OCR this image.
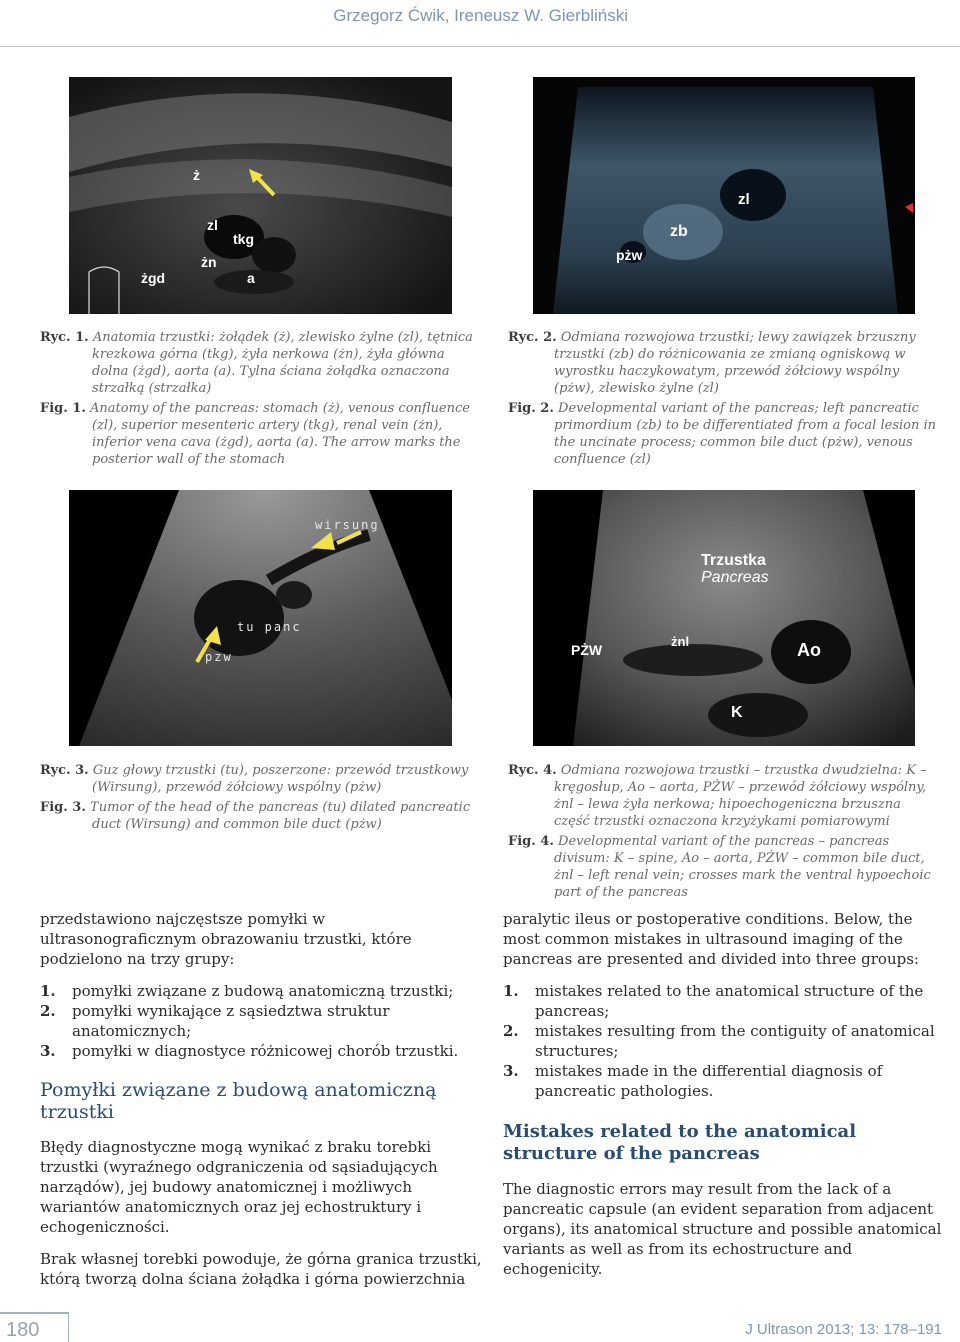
Grzegorz Ćwik, Ireneusz W. Gierbliński
ż
zl
tkg
żn
żgd	a
zl
zb
pżw
Ryc. 1. Anatomia trzustki: żołądek (ż), zlewisko żylne (zl), tętnica krezkowa górna (tkg), żyła nerkowa (żn), żyła główna dolna (żgd), aorta (a). Tylna ściana żołądka oznaczona strzałką (strzałka)
Fig. 1. Anatomy of the pancreas: stomach (ż), venous confluence (zl), superior mesenteric artery (tkg), renal vein (żn), inferior vena cava (żgd), aorta (a). The arrow marks the posterior wall of the stomach
Ryc. 2. Odmiana rozwojowa trzustki; lewy zawiązek brzuszny trzustki (zb) do różnicowania ze zmianą ogniskową w wyrostku haczykowatym, przewód żółciowy wspólny (pżw), zlewisko żylne (zl)
Fig. 2. Developmental variant of the pancreas; left pancreatic primordium (zb) to be differentiated from a focal lesion in the uncinate process; common bile duct (pżw), venous confluence (zl)
wirsung
tu panc
pzw
Trzustka
Pancreas
PŻW
żnl	Ao
K
Ryc. 3. Guz głowy trzustki (tu), poszerzone: przewód trzustkowy (Wirsung), przewód żółciowy wspólny (pżw)
Fig. 3. Tumor of the head of the pancreas (tu) dilated pancreatic duct (Wirsung) and common bile duct (pżw)
Ryc. 4. Odmiana rozwojowa trzustki – trzustka dwudzielna: K – kręgosłup, Ao – aorta, PŻW – przewód żółciowy wspólny, żnl – lewa żyła nerkowa; hipoechogeniczna brzuszna część trzustki oznaczona krzyżykami pomiarowymi
Fig. 4. Developmental variant of the pancreas – pancreas divisum: K – spine, Ao – aorta, PŻW – common bile duct, żnl – left renal vein; crosses mark the ventral hypoechoic part of the pancreas

przedstawiono najczęstsze pomyłki w ultrasonograficznym obrazowaniu trzustki, które podzielono na trzy grupy:

1. pomyłki związane z budową anatomiczną trzustki;
2. pomyłki wynikające z sąsiedztwa struktur anatomicznych;
3. pomyłki w diagnostyce różnicowej chorób trzustki.
Pomyłki związane z budową anatomiczną trzustki

Błędy diagnostyczne mogą wynikać z braku torebki trzustki (wyraźnego odgraniczenia od sąsiadujących narządów), jej budowy anatomicznej i możliwych wariantów anatomicznych oraz jej echostruktury i echogeniczności.

Brak własnej torebki powoduje, że górna granica trzustki, którą tworzą dolna ściana żołądka i górna powierzchnia

paralytic ileus or postoperative conditions. Below, the most common mistakes in ultrasound imaging of the pancreas are presented and divided into three groups:

1. mistakes related to the anatomical structure of the pancreas;
2. mistakes resulting from the contiguity of anatomical structures;
3. mistakes made in the differential diagnosis of pancreatic pathologies.
Mistakes related to the anatomical structure of the pancreas

The diagnostic errors may result from the lack of a pancreatic capsule (an evident separation from adjacent organs), its anatomical structure and possible anatomical variants as well as from its echostructure and echogenicity.

180	J Ultrason 2013; 13: 178–191
